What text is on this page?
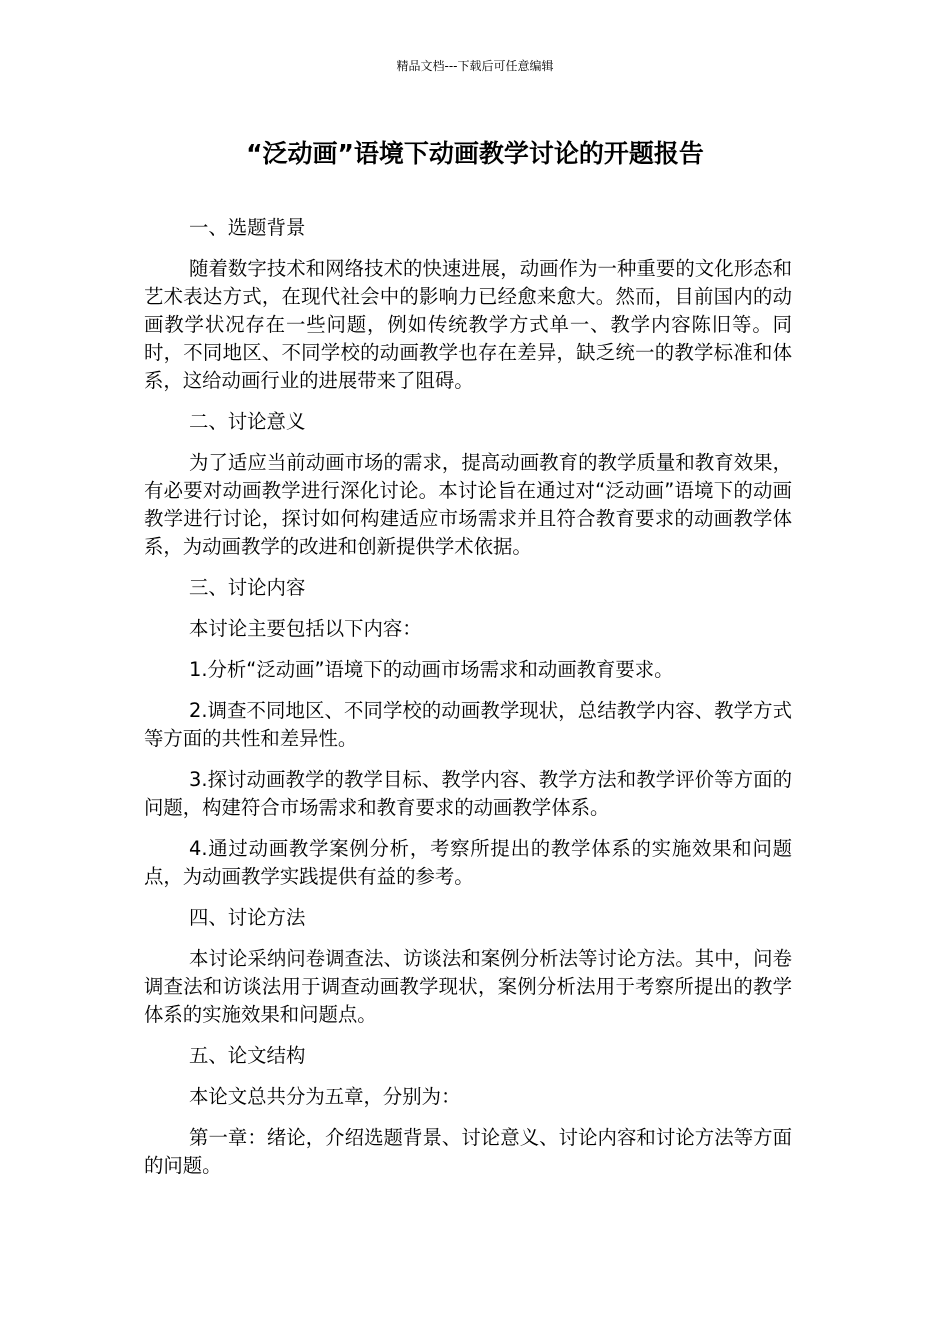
精品文档---下载后可任意编辑
“泛动画”语境下动画教学讨论的开题报告

一、选题背景

随着数字技术和网络技术的快速进展，动画作为一种重要的文化形态和艺术表达方式，在现代社会中的影响力已经愈来愈大。然而，目前国内的动画教学状况存在一些问题，例如传统教学方式单一、教学内容陈旧等。同时，不同地区、不同学校的动画教学也存在差异，缺乏统一的教学标准和体系，这给动画行业的进展带来了阻碍。

二、讨论意义

为了适应当前动画市场的需求，提高动画教育的教学质量和教育效果，有必要对动画教学进行深化讨论。本讨论旨在通过对“泛动画”语境下的动画教学进行讨论，探讨如何构建适应市场需求并且符合教育要求的动画教学体系，为动画教学的改进和创新提供学术依据。

三、讨论内容

本讨论主要包括以下内容：

1.分析“泛动画”语境下的动画市场需求和动画教育要求。

2.调查不同地区、不同学校的动画教学现状，总结教学内容、教学方式等方面的共性和差异性。

3.探讨动画教学的教学目标、教学内容、教学方法和教学评价等方面的问题，构建符合市场需求和教育要求的动画教学体系。

4.通过动画教学案例分析，考察所提出的教学体系的实施效果和问题点，为动画教学实践提供有益的参考。

四、讨论方法

本讨论采纳问卷调查法、访谈法和案例分析法等讨论方法。其中，问卷调查法和访谈法用于调查动画教学现状，案例分析法用于考察所提出的教学体系的实施效果和问题点。

五、论文结构

本论文总共分为五章，分别为：

第一章：绪论，介绍选题背景、讨论意义、讨论内容和讨论方法等方面的问题。
